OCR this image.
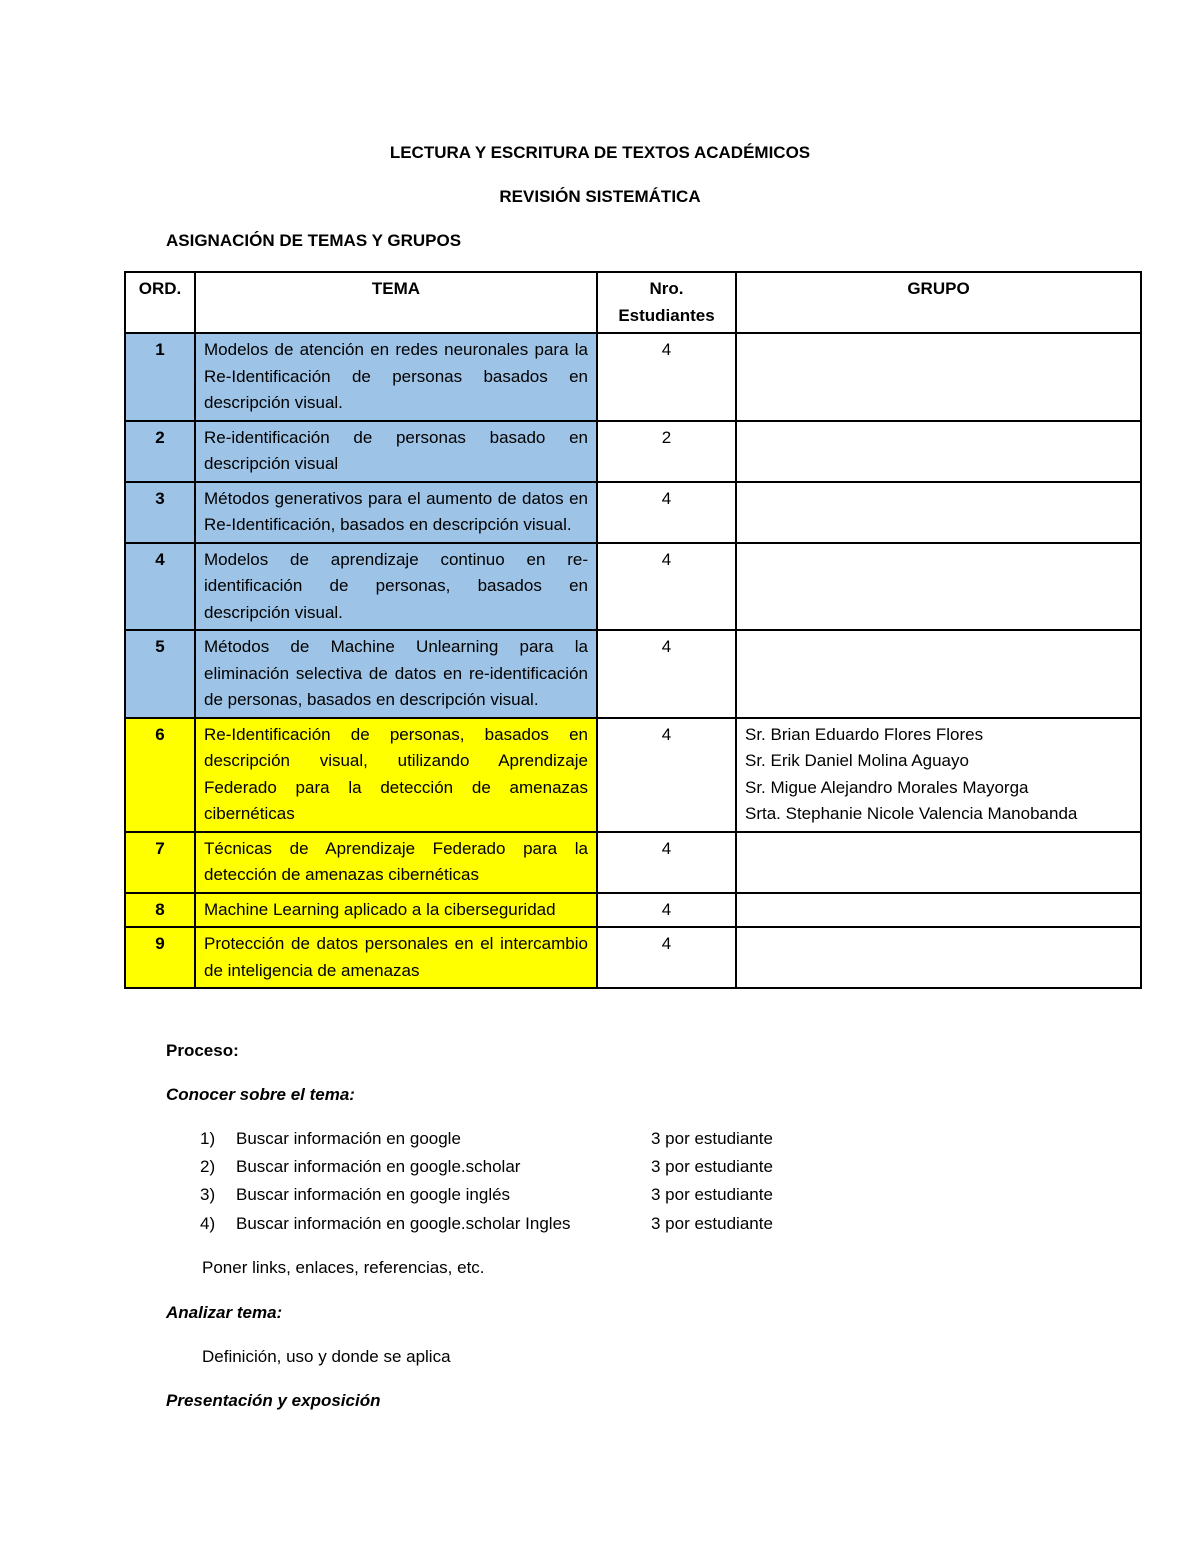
LECTURA Y ESCRITURA DE TEXTOS ACADÉMICOS
REVISIÓN SISTEMÁTICA
ASIGNACIÓN DE TEMAS Y GRUPOS
ORD.	TEMA	Nro. Estudiantes	GRUPO
1	Modelos de atención en redes neuronales para la Re-Identificación de personas basados en descripción visual.	4	
2	Re-identificación de personas basado en descripción visual	2	
3	Métodos generativos para el aumento de datos en Re-Identificación, basados en descripción visual.	4	
4	Modelos de aprendizaje continuo en re-identificación de personas, basados en descripción visual.	4	
5	Métodos de Machine Unlearning para la eliminación selectiva de datos en re-identificación de personas, basados en descripción visual.	4	
6	Re-Identificación de personas, basados en descripción visual, utilizando Aprendizaje Federado para la detección de amenazas cibernéticas	4	Sr. Brian Eduardo Flores Flores
Sr. Erik Daniel Molina Aguayo
Sr. Migue Alejandro Morales Mayorga
Srta. Stephanie Nicole Valencia Manobanda

7	Técnicas de Aprendizaje Federado para la detección de amenazas cibernéticas	4	
8	Machine Learning aplicado a la ciberseguridad	4	
9	Protección de datos personales en el intercambio de inteligencia de amenazas	4	
Proceso:
Conocer sobre el tema:
1) Buscar información en google	3 por estudiante
2) Buscar información en google.scholar	3 por estudiante
3) Buscar información en google inglés	3 por estudiante
4) Buscar información en google.scholar Ingles	3 por estudiante
Poner links, enlaces, referencias, etc.
Analizar tema:
Definición, uso y donde se aplica
Presentación y exposición
